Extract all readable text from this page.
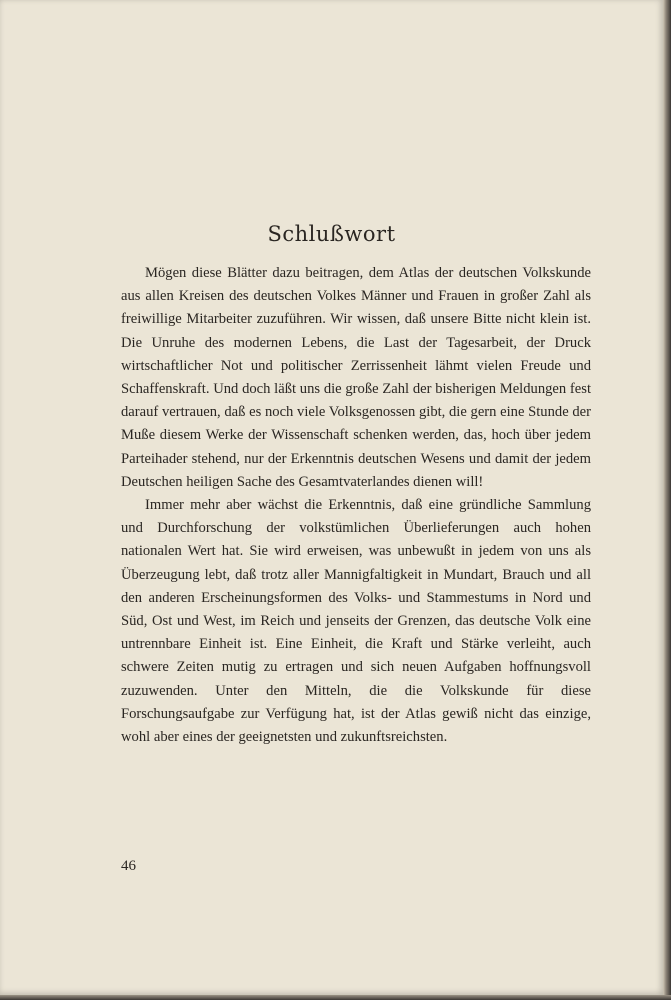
Schlußwort

Mögen diese Blätter dazu beitragen, dem Atlas der deutschen Volkskunde aus allen Kreisen des deutschen Volkes Männer und Frauen in großer Zahl als freiwillige Mitarbeiter zuzuführen. Wir wissen, daß unsere Bitte nicht klein ist. Die Unruhe des modernen Lebens, die Last der Tagesarbeit, der Druck wirtschaftlicher Not und politischer Zerrissenheit lähmt vielen Freude und Schaffenskraft. Und doch läßt uns die große Zahl der bisherigen Meldungen fest darauf vertrauen, daß es noch viele Volksgenossen gibt, die gern eine Stunde der Muße diesem Werke der Wissenschaft schenken werden, das, hoch über jedem Parteihader stehend, nur der Erkenntnis deutschen Wesens und damit der jedem Deutschen heiligen Sache des Gesamtvaterlandes dienen will!

Immer mehr aber wächst die Erkenntnis, daß eine gründliche Sammlung und Durchforschung der volkstümlichen Überlieferungen auch hohen nationalen Wert hat. Sie wird erweisen, was unbewußt in jedem von uns als Überzeugung lebt, daß trotz aller Mannigfaltigkeit in Mundart, Brauch und all den anderen Erscheinungsformen des Volks- und Stammestums in Nord und Süd, Ost und West, im Reich und jenseits der Grenzen, das deutsche Volk eine untrennbare Einheit ist. Eine Einheit, die Kraft und Stärke verleiht, auch schwere Zeiten mutig zu ertragen und sich neuen Aufgaben hoffnungsvoll zuzuwenden. Unter den Mitteln, die die Volkskunde für diese Forschungsaufgabe zur Verfügung hat, ist der Atlas gewiß nicht das einzige, wohl aber eines der geeignetsten und zukunftsreichsten.

46
